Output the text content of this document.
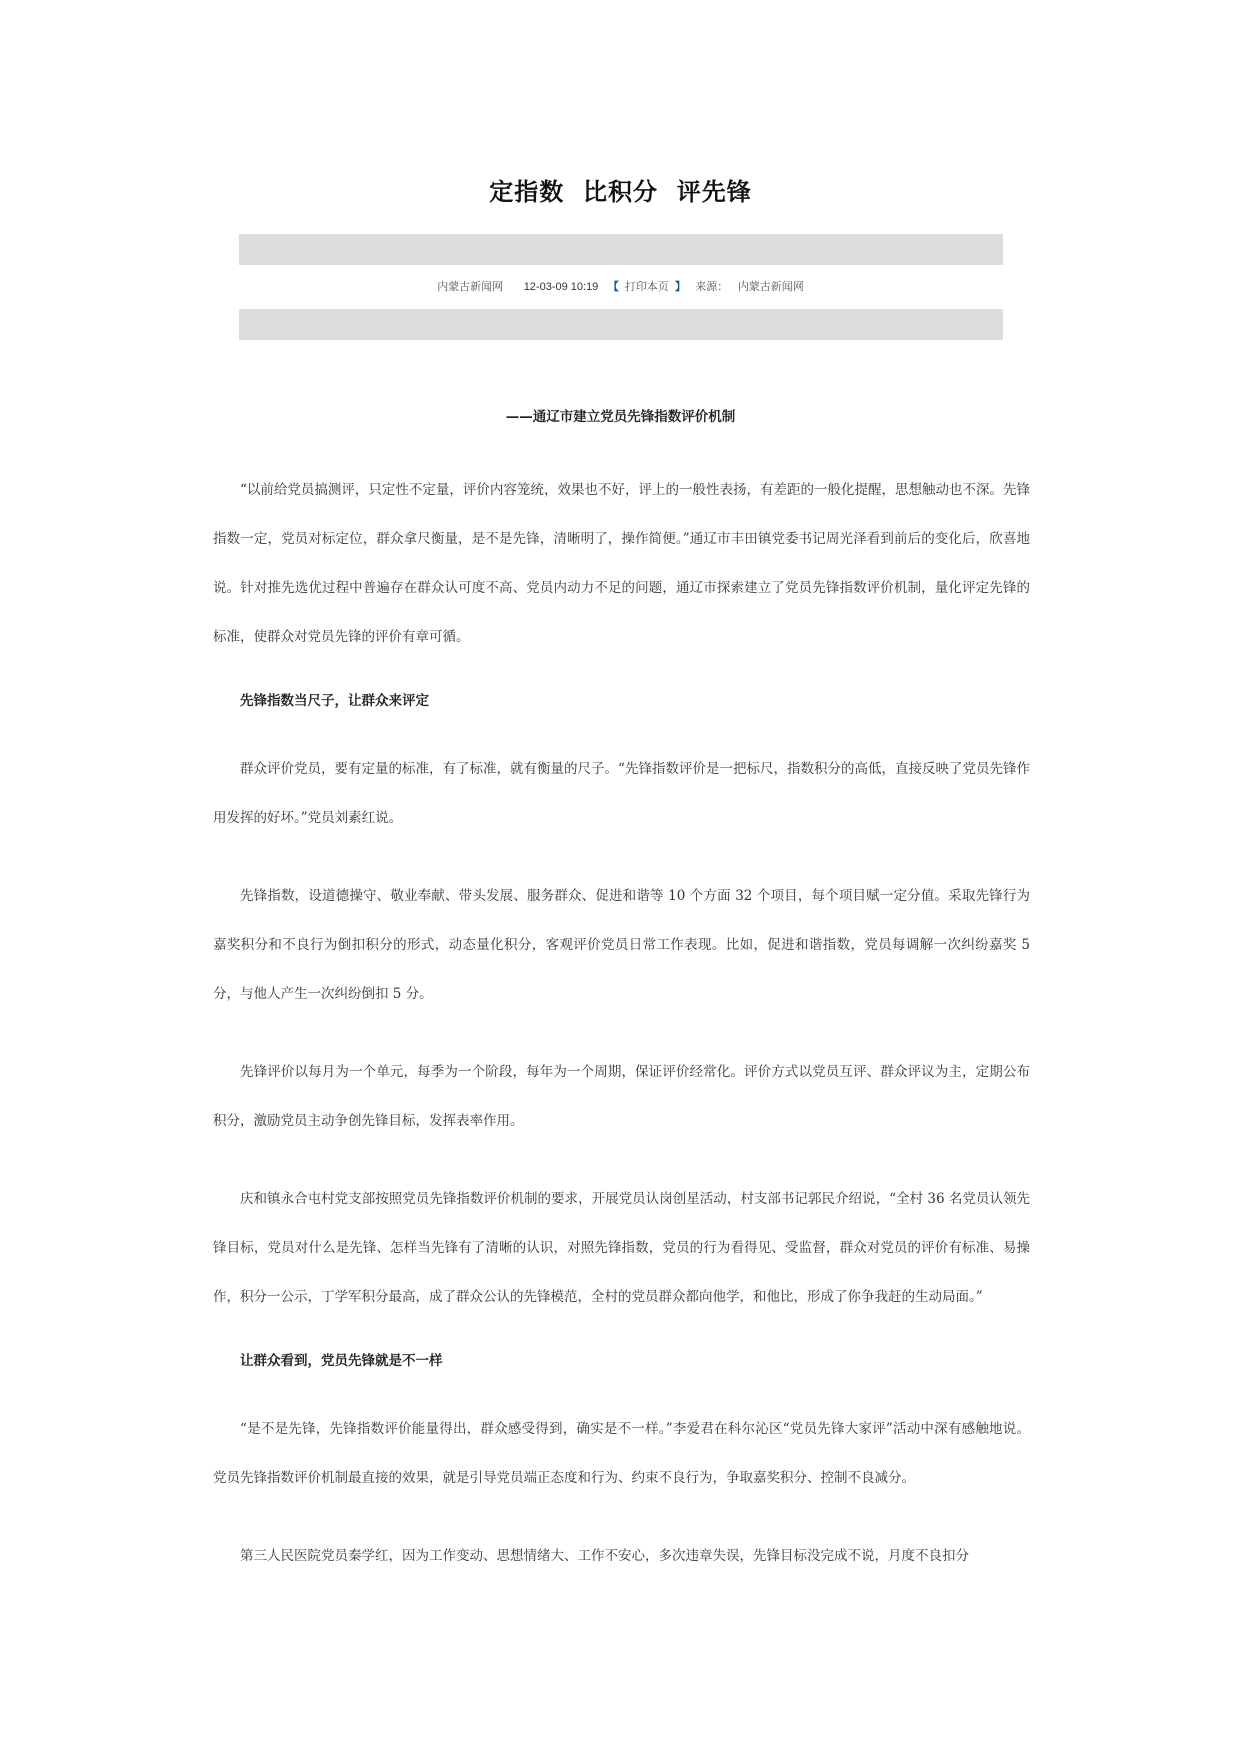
定指数  比积分  评先锋
内蒙古新闻网 12-03-09 10:19 【 打印本页 】 来源： 内蒙古新闻网
——通辽市建立党员先锋指数评价机制

“以前给党员搞测评，只定性不定量，评价内容笼统，效果也不好，评上的一般性表扬，有差距的一般化提醒，思想触动也不深。先锋指数一定，党员对标定位，群众拿尺衡量，是不是先锋，清晰明了，操作简便。”通辽市丰田镇党委书记周光泽看到前后的变化后，欣喜地说。针对推先选优过程中普遍存在群众认可度不高、党员内动力不足的问题，通辽市探索建立了党员先锋指数评价机制，量化评定先锋的标准，使群众对党员先锋的评价有章可循。

先锋指数当尺子，让群众来评定

群众评价党员，要有定量的标准，有了标准，就有衡量的尺子。“先锋指数评价是一把标尺，指数积分的高低，直接反映了党员先锋作用发挥的好坏。”党员刘素红说。

先锋指数，设道德操守、敬业奉献、带头发展、服务群众、促进和谐等 10 个方面 32 个项目，每个项目赋一定分值。采取先锋行为嘉奖积分和不良行为倒扣积分的形式，动态量化积分，客观评价党员日常工作表现。比如，促进和谐指数，党员每调解一次纠纷嘉奖 5 分，与他人产生一次纠纷倒扣 5 分。

先锋评价以每月为一个单元，每季为一个阶段，每年为一个周期，保证评价经常化。评价方式以党员互评、群众评议为主，定期公布积分，激励党员主动争创先锋目标，发挥表率作用。

庆和镇永合屯村党支部按照党员先锋指数评价机制的要求，开展党员认岗创星活动，村支部书记郭民介绍说，“全村 36 名党员认领先锋目标，党员对什么是先锋、怎样当先锋有了清晰的认识，对照先锋指数，党员的行为看得见、受监督，群众对党员的评价有标准、易操作，积分一公示，丁学军积分最高，成了群众公认的先锋模范，全村的党员群众都向他学，和他比，形成了你争我赶的生动局面。”

让群众看到，党员先锋就是不一样

“是不是先锋，先锋指数评价能量得出，群众感受得到，确实是不一样。”李爱君在科尔沁区“党员先锋大家评”活动中深有感触地说。党员先锋指数评价机制最直接的效果，就是引导党员端正态度和行为、约束不良行为，争取嘉奖积分、控制不良减分。

第三人民医院党员秦学红，因为工作变动、思想情绪大、工作不安心，多次违章失误，先锋目标没完成不说，月度不良扣分
